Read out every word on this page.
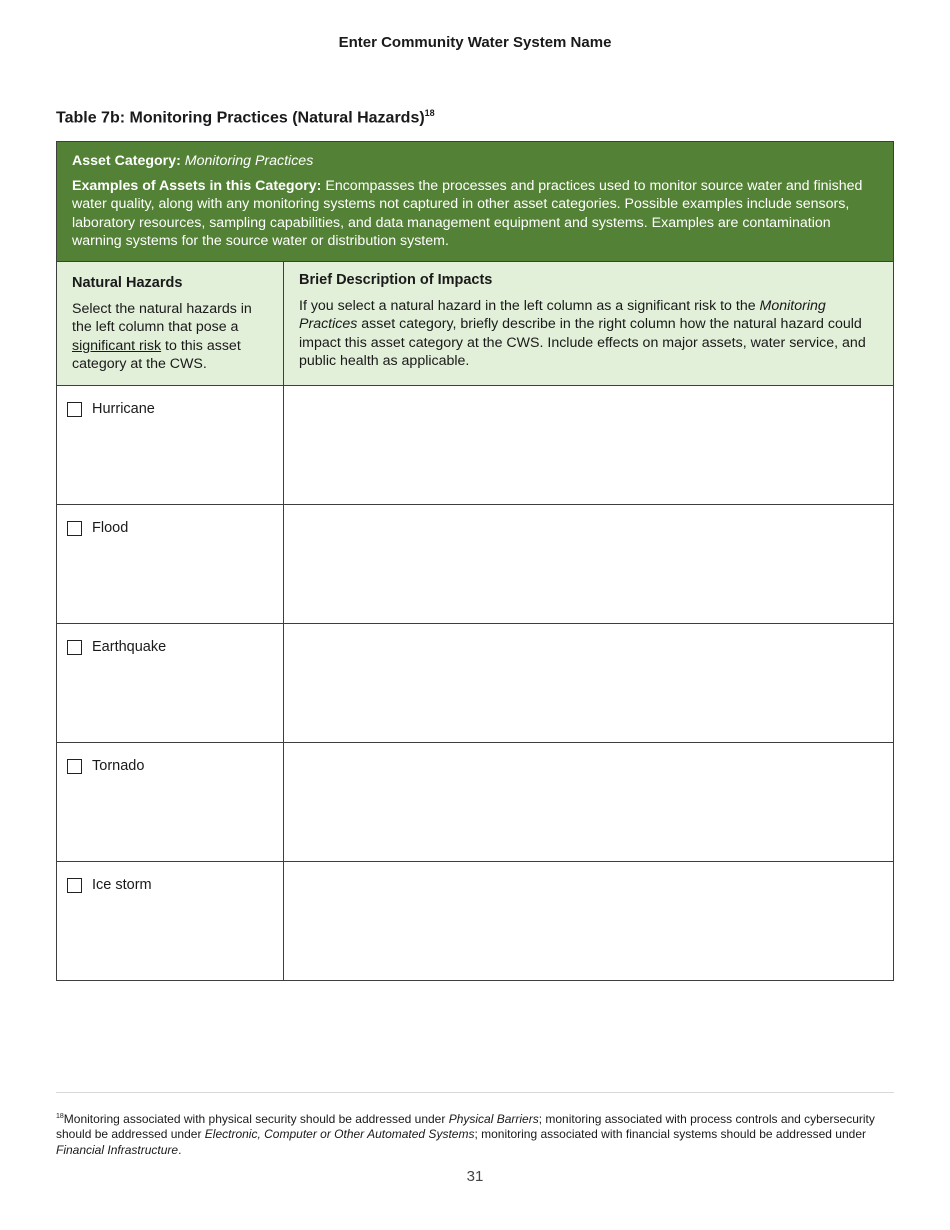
Enter Community Water System Name
Table 7b: Monitoring Practices (Natural Hazards)$^{18}$
Asset Category: Monitoring Practices
Examples of Assets in this Category: Encompasses the processes and practices used to monitor source water and finished water quality, along with any monitoring systems not captured in other asset categories. Possible examples include sensors, laboratory resources, sampling capabilities, and data management equipment and systems. Examples are contamination warning systems for the source water or distribution system.
Natural Hazards
Select the natural hazards in the left column that pose a significant risk to this asset category at the CWS.
Brief Description of Impacts
If you select a natural hazard in the left column as a significant risk to the Monitoring Practices asset category, briefly describe in the right column how the natural hazard could impact this asset category at the CWS. Include effects on major assets, water service, and public health as applicable.
Hurricane
Flood
Earthquake
Tornado
Ice storm
$^{18}$Monitoring associated with physical security should be addressed under Physical Barriers; monitoring associated with process controls and cybersecurity should be addressed under Electronic, Computer or Other Automated Systems; monitoring associated with financial systems should be addressed under Financial Infrastructure.
31
